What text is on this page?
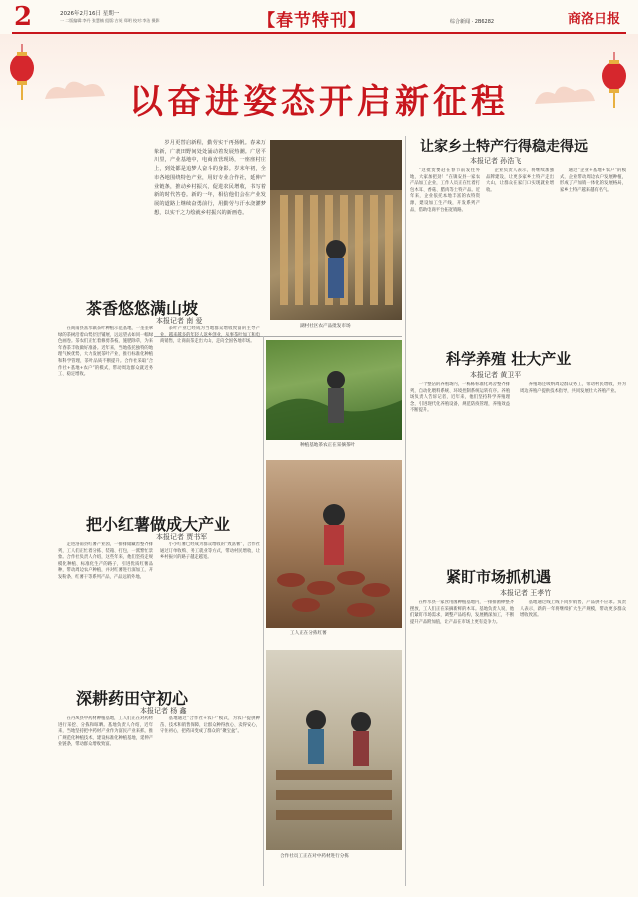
2	2026年2月16日 星期一
一 二版编辑:李丹 张慧楠 组版:吉英 郑明 校对:李洁 摄影	【春节特刊】	综合新闻 · 2B6282	商洛日报
以奋进姿态开启新征程
岁月更替启新程，勤劳实干再扬帆。春来万象新，广袤田野间处处涌动着发展热潮。广居平川里，产业基地中，电商直营现场，一座座村庄上，到处都是追梦人奋斗的身影。岁末年初，全市各地围绕特色产业，用好专业合作社，延伸产业链条，推动乡村振兴，促进农民增收，书写着新的时代答卷。新的一年，相信他们会在产业发展的道路上继续奋勇前行，用勤劳与汗水浇灌梦想，以实干之力绘就乡村振兴的新画卷。
湖村社区农产品批发市场
茶香悠悠满山坡
本报记者 南 爱

在商南县富水镇茶叶种植示范基地，一垄垄翠绿的茶树沿着山势层层铺展，远远望去如同一幅绿色画卷。茶农们正忙着修剪茶枝、施肥除草，为来年春茶丰收做好准备。近年来，当地依托独特的地理气候优势，大力发展茶叶产业，推行标准化种植和科学管理，茶叶品质不断提升。合作社采取“合作社+基地+农户”的模式，带动周边群众就近务工、稳定增收。

茶叶产业已经成为当地群众增收致富的主导产业，越来越多的年轻人返乡创业，从事茶叶加工和电商销售，让商南茶走出大山，走向全国各地市场。

种植基地茶农正在采摘茶叶
把小红薯做成大产业
本报记者 贾书军

走进洛南县红薯产业园，一排排储藏窖整齐排列，工人们正忙着分拣、装箱、打包，一派繁忙景象。合作社负责人介绍，这些年来，他们坚持走规模化种植、标准化生产的路子，引进优质红薯品种，带动周边农户种植，并对红薯进行深加工，开发粉条、红薯干等系列产品，产品远销外地。

小小红薯已经成为群众增收的“致富薯”，合作社通过订单收购、务工就业等方式，带动村民增收，让乡村振兴的路子越走越宽。

工人正在分拣红薯
深耕药田守初心
本报记者 杨 鑫

在丹凤县中药材种植基地，工人们正在对药材进行采挖、分拣和晾晒。基地负责人介绍，近年来，当地坚持把中药材产业作为富民产业来抓，推广规范化种植技术，建设标准化种植基地，延伸产业链条，带动群众增收致富。

基地通过“合作社+农户”模式，为农户提供种苗、技术和销售保障，让群众种得放心、卖得安心，守住初心，把药田变成了群众的“聚宝盆”。

合作社员工正在对中药材进行分拣
让家乡土特产行得稳走得远
本报记者 孙浩飞

“这批货要赶在春节前发往外地，大家加把劲！”在镇安县一家农产品加工企业，工作人员正在忙着打包木耳、香菇、腊肉等土特产品。近年来，企业依托本地丰富的农特资源，建设加工生产线，开发系列产品，借助电商平台拓宽销路。

企业负责人表示，将继续加强品牌建设，让更多家乡土特产走出大山，让群众在家门口实现就业增收。

通过“企业+基地+农户”的模式，企业带动周边农户发展种植，形成了产加销一体化的发展格局，家乡土特产越来越有名气。

科学养殖 壮大产业
本报记者 黄卫平

一个整洁的养殖场内，一栋栋标准化鸡舍整齐排列，自动化喂料系统、环境控制系统运转有序。养殖场负责人告诉记者，近年来，他们坚持科学养殖理念，引进现代化养殖设备，规范防疫管理，养殖效益不断提升。

养殖场还吸纳周边群众务工，带动村民增收，并为周边养殖户提供技术指导，共同发展壮大养殖产业。

紧盯市场抓机遇
本报记者 王孝竹

在柞水县一家食用菌种植基地内，一排排菌棒整齐摆放，工人们正在采摘新鲜的木耳。基地负责人说，他们紧盯市场需求，调整产品结构，发展精深加工，不断提升产品附加值，让产品在市场上更有竞争力。

基地通过线上线下同步销售，产品供不应求。负责人表示，新的一年将继续扩大生产规模，带动更多群众增收致富。
